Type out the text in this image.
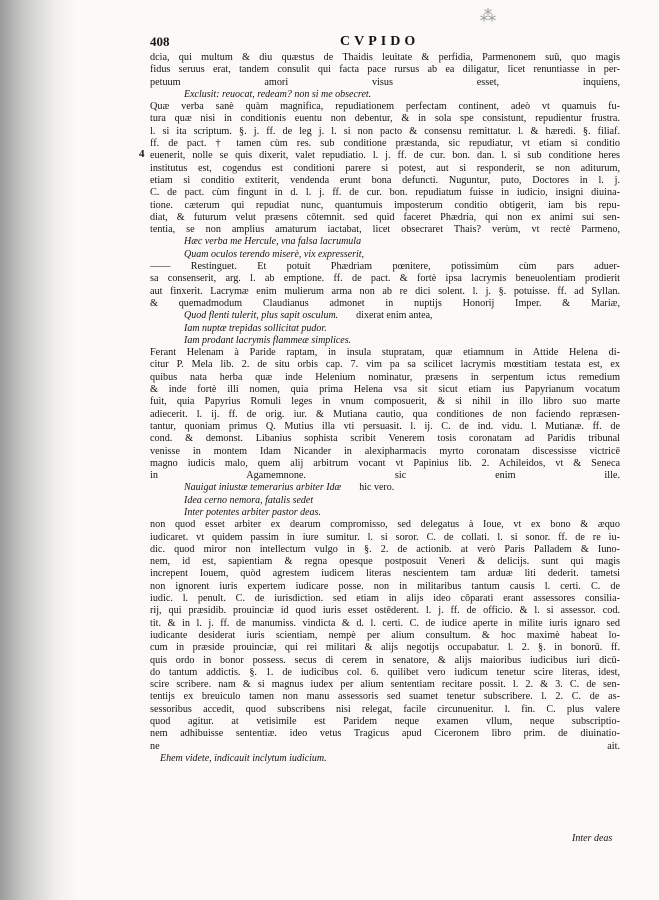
⁂
408	CVPIDO
4
dcia, qui multum & diu quæstus de Thaidis leuitate & perfidia, Parmenonem suū, quo magis
fidus seruus erat, tandem consulit qui facta pace rursus ab ea diligatur, licet renuntiasse in per-
petuum amori visus esset, inquiens,
Exclusit: reuocat, redeam? non si me obsecret.
Quæ verba sanè quàm magnifica, repudiationem perfectam continent, adeò vt quamuis fu-
tura quæ nisi in conditionis euentu non debentur, & in sola spe consistunt, repudientur frustra.
l. si ita scriptum. §. j. ff. de leg j. l. si non pacto & consensu remittatur. l. & hæredi. §. filiaf.
ff. de pact. † tamen cùm res. sub conditione præstanda, sic repudiatur, vt etiam si conditio
euenerit, nolle se quis dixerit, valet repudiatio. l. j. ff. de cur. bon. dan. l. si sub conditione heres
institutus est, cogendus est conditioni parere si potest, aut si responderit, se non aditurum,
etiam si conditio extiterit, vendenda erunt bona defuncti. Nuguntur, puto, Doctores in l. j.
C. de pact. cùm fingunt in d. l. j. ff. de cur. bon. repudiatum fuisse in iudicio, insigni diuina-
tione. cæterum qui repudiat nunc, quantumuis imposterum conditio obtigerit, iam bis repu-
diat, & futurum velut præsens cōtemnit. sed quid faceret Phædria, qui non ex animi sui sen-
tentia, se non amplius amaturum iactabat, licet obsecraret Thais? verùm, vt rectè Parmeno,
Hæc verba me Hercule, vna falsa lacrumula
Quam oculos terendo miserè, vix expresserit,
—— Restinguet. Et potuit Phædriam pœnitere, potissimùm cùm pars aduer-
sa consenserit, arg. l. ab emptione. ff. de pact. & fortè ipsa lacrymis beneuolentiam prodierit
aut finxerit. Lacrymæ enim mulierum arma non ab re dici solent. l. j. §. potuisse. ff. ad Syllan.
& quemadmodum Claudianus admonet in nuptijs Honorij Imper. & Mariæ,
Quod flenti tulerit, plus sapit osculum. dixerat enim antea,
Iam nuptæ trepidas sollicitat pudor.
Iam prodant lacrymis flammeæ simplices.
Ferant Helenam à Paride raptam, in insula stupratam, quæ etiamnum in Attide Helena di-
citur P. Mela lib. 2. de situ orbis cap. 7. vim pa sa scilicet lacrymis mœstitiam testata est, ex
quibus nata herba quæ inde Helenium nominatur, præsens in serpentum ictus remedium
& inde fortè illi nomen, quia prima Helena vsa sit sicut etiam ius Papyrianum vocatum
fuit, quia Papyrius Romuli leges in vnum composuerit, & si nihil in illo libro suo marte
adiecerit. l. ij. ff. de orig. iur. & Mutiana cautio, qua conditiones de non faciendo repræsen-
tantur, quoniam primus Q. Mutius illa vti persuasit. l. ij. C. de ind. vidu. l. Mutianæ. ff. de
cond. & demonst. Libanius sophista scribit Venerem tosis coronatam ad Paridis tribunal
venisse in montem Idam Nicander in alexipharmacis myrto coronatam discessisse victricē
magno iudicis malo, quem alij arbitrum vocant vt Papinius lib. 2. Achileidos, vt & Seneca
in Agamemnone. sic enim ille.
Nauigat iniustæ temerarius arbiter Idæ hic vero.
Idea cerno nemora, fatalis sedet
Inter potentes arbiter pastor deas.
non quod esset arbiter ex dearum compromisso, sed delegatus à Ioue, vt ex bono & æquo
iudicaret. vt quidem passim in iure sumitur. l. si soror. C. de collati. l. si sonor. ff. de re iu-
dic. quod miror non intellectum vulgo in §. 2. de actionib. at verò Paris Palladem & Iuno-
nem, id est, sapientiam & regna opesque postposuit Veneri & delicijs. sunt qui magis
increpent Iouem, quòd agrestem iudicem literas nescientem tam arduæ liti dederit. tametsi
non ignorent iuris expertem iudicare posse. non in militaribus tantum causis l. certi. C. de
iudic. l. penult. C. de iurisdiction. sed etiam in alijs ideo cōparati erant assessores consilia-
rij, qui præsidib. prouinciæ id quod iuris esset ostēderent. l. j. ff. de officio. & l. si assessor. cod.
tit. & in l. j. ff. de manumiss. vindicta & d. l. certi. C. de iudice aperte in milite iuris ignaro sed
iudicante desiderat iuris scientiam, nempè per alium consultum. & hoc maximè habeat lo-
cum in præside prouinciæ, qui rei militari & alijs negotijs occupabatur. l. 2. §. in bonorū. ff.
quis ordo in bonor possess. secus di cerem in senatore, & alijs maioribus iudicibus iuri dicū-
do tantum addictis. §. 1. de iudicibus col. 6. quilibet vero iudicum tenetur scire literas, idest,
scire scribere. nam & si magnus iudex per alium sententiam recitare possit. l. 2. & 3. C. de sen-
tentijs ex breuiculo tamen non manu assessoris sed suamet tenetur subscribere. l. 2. C. de as-
sessoribus accedit, quod subscribens nisi relegat, facile circunuenitur. l. fin. C. plus valere
quod agitur. at vetisimile est Paridem neque examen vllum, neque subscriptio-
nem adhibuisse sententiæ. ideo vetus Tragicus apud Ciceronem libro prim. de diuinatio-
ne ait.
Ehem videte, indicauit inclytum iudicium.
Inter deas
